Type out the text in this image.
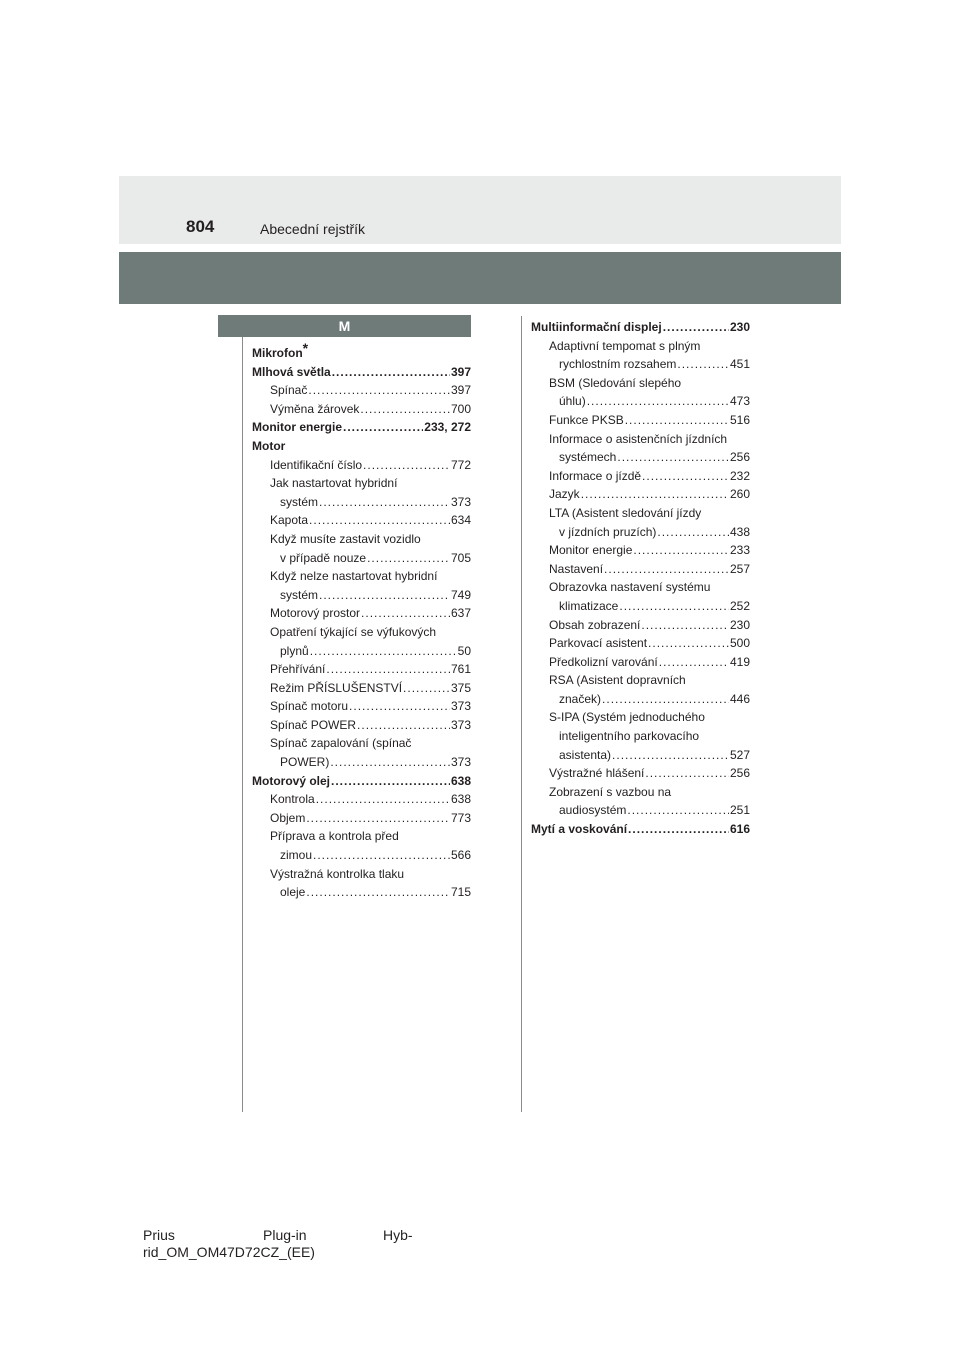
804	Abecední rejstřík
M
Mikrofon*
Mlhová světla .....	397
Spínač .....	397
Výměna žárovek .....	700
Monitor energie .....	233, 272
Motor
Identifikační číslo .....	772
Jak nastartovat hybridní
systém .....	373
Kapota .....	634
Když musíte zastavit vozidlo
v případě nouze .....	705
Když nelze nastartovat hybridní
systém .....	749
Motorový prostor .....	637
Opatření týkající se výfukových
plynů .....	50
Přehřívání .....	761
Režim PŘÍSLUŠENSTVÍ .....	375
Spínač motoru .....	373
Spínač POWER .....	373
Spínač zapalování (spínač
POWER) .....	373
Motorový olej .....	638
Kontrola .....	638
Objem .....	773
Příprava a kontrola před
zimou .....	566
Výstražná kontrolka tlaku
oleje .....	715
Multiinformační displej .....	230
Adaptivní tempomat s plným
rychlostním rozsahem .....	451
BSM (Sledování slepého
úhlu) .....	473
Funkce PKSB .....	516
Informace o asistenčních jízdních
systémech .....	256
Informace o jízdě .....	232
Jazyk .....	260
LTA (Asistent sledování jízdy
v jízdních pruzích) .....	438
Monitor energie .....	233
Nastavení .....	257
Obrazovka nastavení systému
klimatizace .....	252
Obsah zobrazení .....	230
Parkovací asistent .....	500
Předkolizní varování .....	419
RSA (Asistent dopravních
značek) .....	446
S-IPA (Systém jednoduchého
inteligentního parkovacího
asistenta) .....	527
Výstražné hlášení .....	256
Zobrazení s vazbou na
audiosystém .....	251
Mytí a voskování .....	616
Prius	Plug-in	Hyb-
rid_OM_OM47D72CZ_(EE)
